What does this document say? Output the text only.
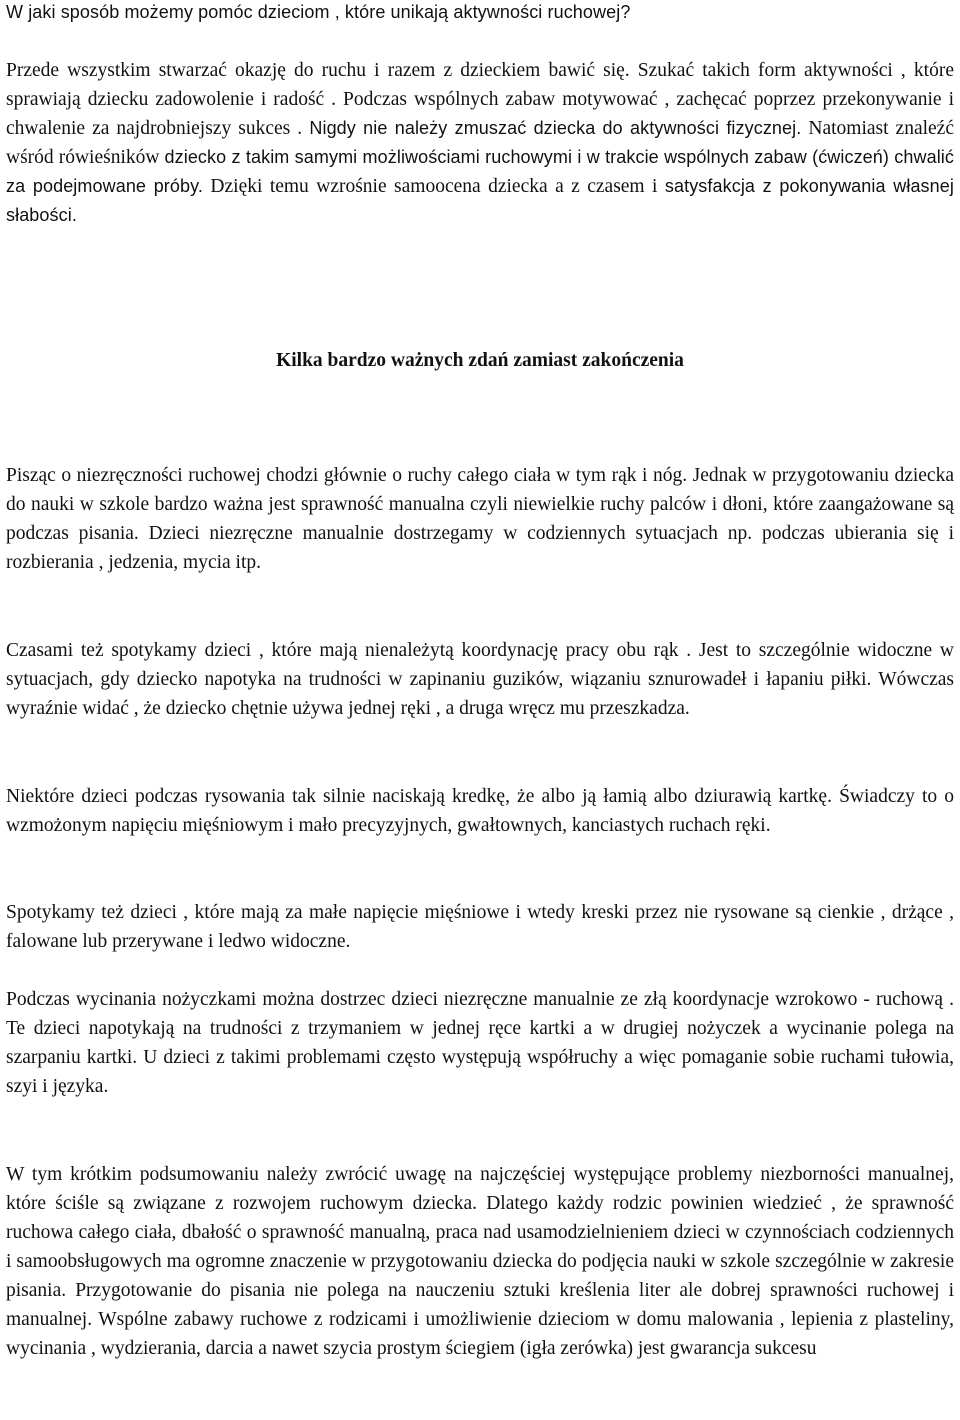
W jaki sposób możemy pomóc dzieciom , które unikają aktywności ruchowej?

Przede wszystkim stwarzać okazję do ruchu i razem z dzieckiem bawić się. Szukać takich form aktywności , które sprawiają dziecku zadowolenie i radość . Podczas wspólnych zabaw motywować , zachęcać poprzez przekonywanie i chwalenie za najdrobniejszy sukces . Nigdy nie należy zmuszać dziecka do aktywności fizycznej. Natomiast znaleźć wśród rówieśników dziecko z takim samymi możliwościami ruchowymi i w trakcie wspólnych zabaw (ćwiczeń) chwalić za podejmowane próby. Dzięki temu wzrośnie samoocena dziecka a z czasem i satysfakcja z pokonywania własnej słabości.

Kilka bardzo ważnych zdań zamiast zakończenia

Pisząc o niezręczności ruchowej chodzi głównie o ruchy całego ciała w tym rąk i nóg. Jednak w przygotowaniu dziecka do nauki w szkole bardzo ważna jest sprawność manualna czyli niewielkie ruchy palców i dłoni, które zaangażowane są podczas pisania. Dzieci niezręczne manualnie dostrzegamy w codziennych sytuacjach np. podczas ubierania się i rozbierania , jedzenia, mycia itp.

Czasami też spotykamy dzieci , które mają nienależytą koordynację pracy obu rąk . Jest to szczególnie widoczne w sytuacjach, gdy dziecko napotyka na trudności w zapinaniu guzików, wiązaniu sznurowadeł i łapaniu piłki. Wówczas wyraźnie widać , że dziecko chętnie używa jednej ręki , a druga wręcz mu przeszkadza.

Niektóre dzieci podczas rysowania tak silnie naciskają kredkę, że albo ją łamią albo dziurawią kartkę. Świadczy to o wzmożonym napięciu mięśniowym i mało precyzyjnych, gwałtownych, kanciastych ruchach ręki.

Spotykamy też dzieci , które mają za małe napięcie mięśniowe i wtedy kreski przez nie rysowane są cienkie , drżące , falowane lub przerywane i ledwo widoczne.

Podczas wycinania nożyczkami można dostrzec dzieci niezręczne manualnie ze złą koordynacje wzrokowo - ruchową . Te dzieci napotykają na trudności z trzymaniem w jednej ręce kartki a w drugiej nożyczek a wycinanie polega na szarpaniu kartki. U dzieci z takimi problemami często występują współruchy a więc pomaganie sobie ruchami tułowia, szyi i języka.

W tym krótkim podsumowaniu należy zwrócić uwagę na najczęściej występujące problemy niezborności manualnej, które ściśle są związane z rozwojem ruchowym dziecka. Dlatego każdy rodzic powinien wiedzieć , że sprawność ruchowa całego ciała, dbałość o sprawność manualną, praca nad usamodzielnieniem dzieci w czynnościach codziennych i samoobsługowych ma ogromne znaczenie w przygotowaniu dziecka do podjęcia nauki w szkole szczególnie w zakresie pisania. Przygotowanie do pisania nie polega na nauczeniu sztuki kreślenia liter ale dobrej sprawności ruchowej i manualnej. Wspólne zabawy ruchowe z rodzicami i umożliwienie dzieciom w domu malowania , lepienia z plasteliny, wycinania , wydzierania, darcia a nawet szycia prostym ściegiem (igła zerówka) jest gwarancja sukcesu
